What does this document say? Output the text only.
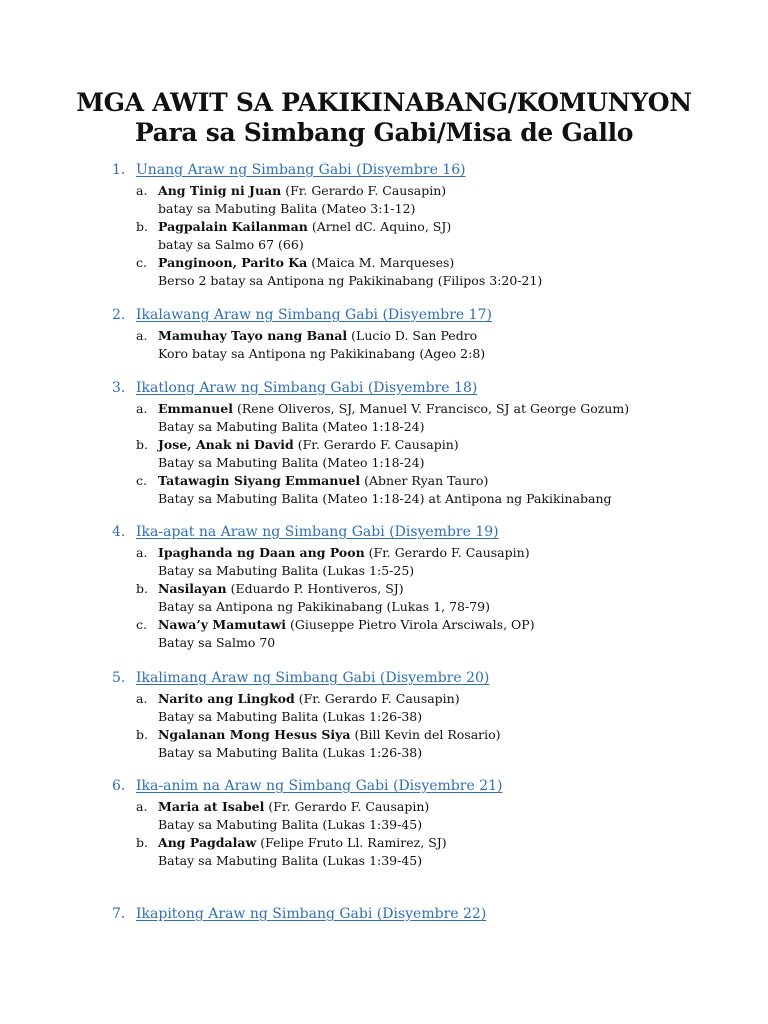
MGA AWIT SA PAKIKINABANG/KOMUNYON

Para sa Simbang Gabi/Misa de Gallo

1. Unang Araw ng Simbang Gabi (Disyembre 16)
a. Ang Tinig ni Juan (Fr. Gerardo F. Causapin)
batay sa Mabuting Balita (Mateo 3:1-12)
b. Pagpalain Kailanman (Arnel dC. Aquino, SJ)
batay sa Salmo 67 (66)
c. Panginoon, Parito Ka (Maica M. Marqueses)
Berso 2 batay sa Antipona ng Pakikinabang (Filipos 3:20-21)
2. Ikalawang Araw ng Simbang Gabi (Disyembre 17)
a. Mamuhay Tayo nang Banal (Lucio D. San Pedro
Koro batay sa Antipona ng Pakikinabang (Ageo 2:8)
3. Ikatlong Araw ng Simbang Gabi (Disyembre 18)
a. Emmanuel (Rene Oliveros, SJ, Manuel V. Francisco, SJ at George Gozum)
Batay sa Mabuting Balita (Mateo 1:18-24)
b. Jose, Anak ni David (Fr. Gerardo F. Causapin)
Batay sa Mabuting Balita (Mateo 1:18-24)
c. Tatawagin Siyang Emmanuel (Abner Ryan Tauro)
Batay sa Mabuting Balita (Mateo 1:18-24) at Antipona ng Pakikinabang
4. Ika-apat na Araw ng Simbang Gabi (Disyembre 19)
a. Ipaghanda ng Daan ang Poon (Fr. Gerardo F. Causapin)
Batay sa Mabuting Balita (Lukas 1:5-25)
b. Nasilayan (Eduardo P. Hontiveros, SJ)
Batay sa Antipona ng Pakikinabang (Lukas 1, 78-79)
c. Nawa’y Mamutawi (Giuseppe Pietro Virola Arsciwals, OP)
Batay sa Salmo 70
5. Ikalimang Araw ng Simbang Gabi (Disyembre 20)
a. Narito ang Lingkod (Fr. Gerardo F. Causapin)
Batay sa Mabuting Balita (Lukas 1:26-38)
b. Ngalanan Mong Hesus Siya (Bill Kevin del Rosario)
Batay sa Mabuting Balita (Lukas 1:26-38)
6. Ika-anim na Araw ng Simbang Gabi (Disyembre 21)
a. Maria at Isabel (Fr. Gerardo F. Causapin)
Batay sa Mabuting Balita (Lukas 1:39-45)
b. Ang Pagdalaw (Felipe Fruto Ll. Ramirez, SJ)
Batay sa Mabuting Balita (Lukas 1:39-45)
7. Ikapitong Araw ng Simbang Gabi (Disyembre 22)
